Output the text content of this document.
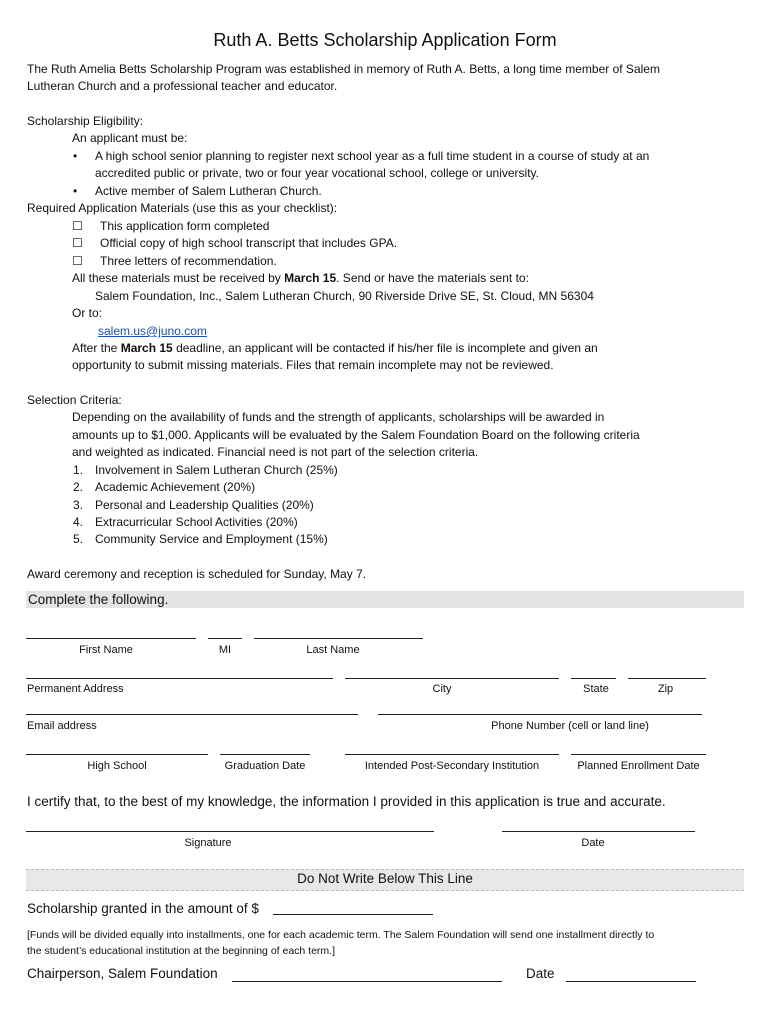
Ruth A. Betts Scholarship Application Form
The Ruth Amelia Betts Scholarship Program was established in memory of Ruth A. Betts, a long time member of Salem
Lutheran Church and a professional teacher and educator.
Scholarship Eligibility:
An applicant must be:
• A high school senior planning to register next school year as a full time student in a course of study at an
accredited public or private, two or four year vocational school, college or university.
• Active member of Salem Lutheran Church.
Required Application Materials (use this as your checklist):
☐ This application form completed
☐ Official copy of high school transcript that includes GPA.
☐ Three letters of recommendation.
All these materials must be received by March 15. Send or have the materials sent to:
Salem Foundation, Inc., Salem Lutheran Church, 90 Riverside Drive SE, St. Cloud, MN 56304
Or to:
salem.us@juno.com
After the March 15 deadline, an applicant will be contacted if his/her file is incomplete and given an
opportunity to submit missing materials. Files that remain incomplete may not be reviewed.
Selection Criteria:
Depending on the availability of funds and the strength of applicants, scholarships will be awarded in
amounts up to $1,000. Applicants will be evaluated by the Salem Foundation Board on the following criteria
and weighted as indicated. Financial need is not part of the selection criteria.
1. Involvement in Salem Lutheran Church (25%)
2. Academic Achievement (20%)
3. Personal and Leadership Qualities (20%)
4. Extracurricular School Activities (20%)
5. Community Service and Employment (15%)
Award ceremony and reception is scheduled for Sunday, May 7.
Complete the following.
First Name	MI	Last Name
Permanent Address	City	State	Zip
Email address	Phone Number (cell or land line)
High School	Graduation Date	Intended Post-Secondary Institution	Planned Enrollment Date
I certify that, to the best of my knowledge, the information I provided in this application is true and accurate.
Signature	Date
Do Not Write Below This Line
Scholarship granted in the amount of $
[Funds will be divided equally into installments, one for each academic term. The Salem Foundation will send one installment directly to
the student’s educational institution at the beginning of each term.]
Chairperson, Salem Foundation	Date
